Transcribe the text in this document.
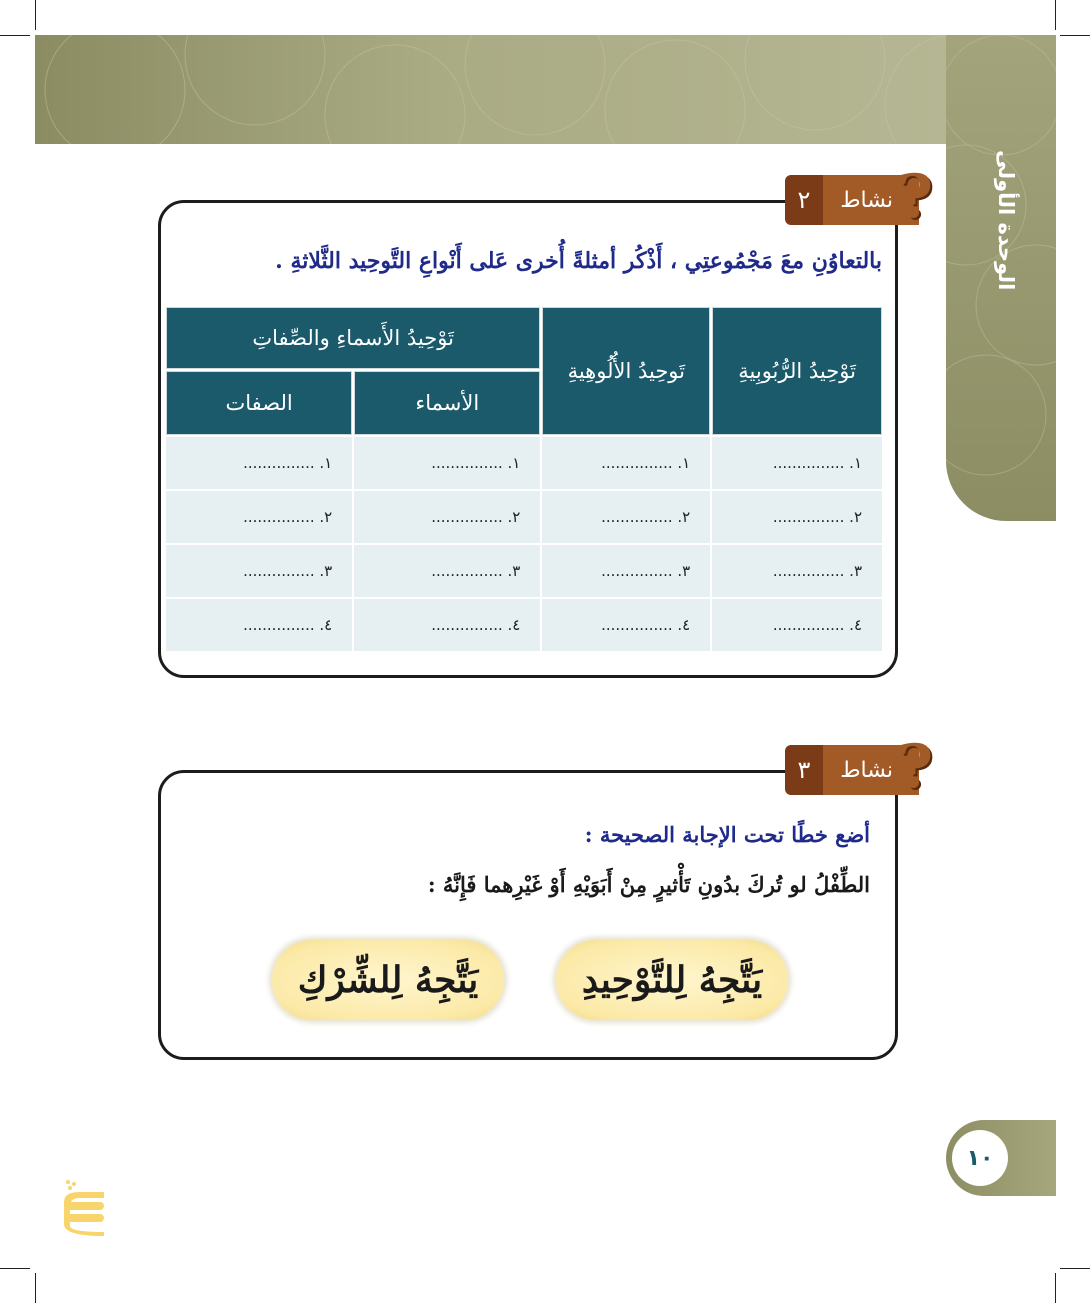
الوحدة الأولى
٢	نشاط ?
بالتعاوُنِ معَ مَجْمُوعتِي ، أَذْكُر أمثلةً أُخرى عَلى أَنْواعِ التَّوحِيد الثَّلاثةِ .
تَوْحِيدُ الرُّبُوبِيةِ	تَوحِيدُ الأُلُوهِيةِ	تَوْحِيدُ الأَسماءِ والصِّفاتِ	
		الأسماء	الصفات
١. ...............	١. ...............	١. ...............	١. ...............
٢. ...............	٢. ...............	٢. ...............	٢. ...............
٣. ...............	٣. ...............	٣. ...............	٣. ...............
٤. ...............	٤. ...............	٤. ...............	٤. ...............
٣	نشاط ?
أضع خطًا تحت الإجابة الصحيحة :
الطِّفْلُ لو تُركَ بدُونِ تَأْثيرٍ مِنْ أَبَوَيْهِ أَوْ غَيْرِهما فَإِنَّهُ :
يَتَّجِهُ لِلتَّوْحِيدِ
يَتَّجِهُ لِلشِّرْكِ
١٠
